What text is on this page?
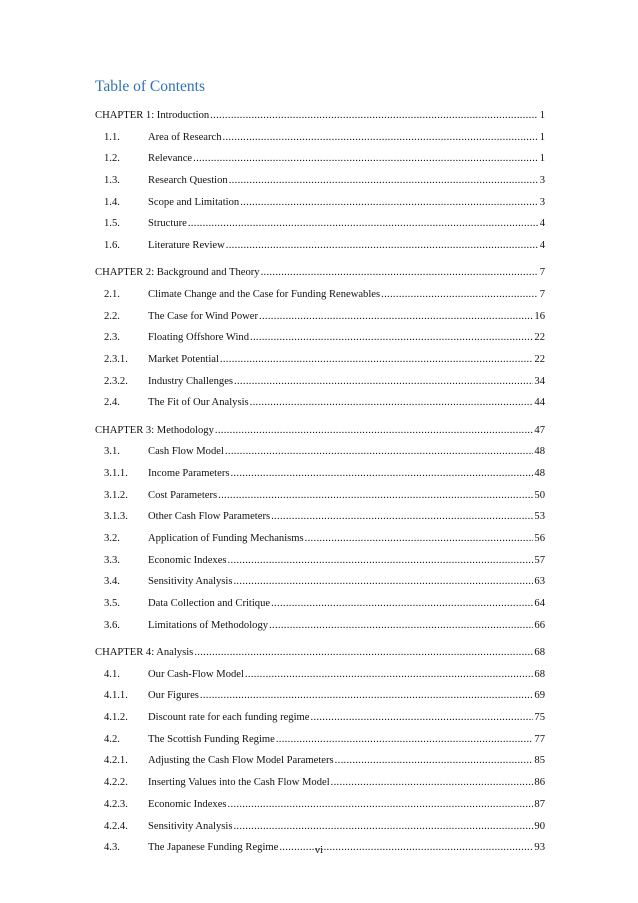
Table of Contents
CHAPTER 1: Introduction .....	1
1.1.	Area of Research .....	1
1.2.	Relevance .....	1
1.3.	Research Question .....	3
1.4.	Scope and Limitation .....	3
1.5.	Structure .....	4
1.6.	Literature Review .....	4
CHAPTER 2: Background and Theory .....	7
2.1.	Climate Change and the Case for Funding Renewables .....	7
2.2.	The Case for Wind Power .....	16
2.3.	Floating Offshore Wind .....	22
2.3.1.	Market Potential .....	22
2.3.2.	Industry Challenges .....	34
2.4.	The Fit of Our Analysis .....	44
CHAPTER 3: Methodology .....	47
3.1.	Cash Flow Model .....	48
3.1.1.	Income Parameters .....	48
3.1.2.	Cost Parameters .....	50
3.1.3.	Other Cash Flow Parameters .....	53
3.2.	Application of Funding Mechanisms .....	56
3.3.	Economic Indexes .....	57
3.4.	Sensitivity Analysis .....	63
3.5.	Data Collection and Critique .....	64
3.6.	Limitations of Methodology .....	66
CHAPTER 4: Analysis .....	68
4.1.	Our Cash-Flow Model .....	68
4.1.1.	Our Figures .....	69
4.1.2.	Discount rate for each funding regime .....	75
4.2.	The Scottish Funding Regime .....	77
4.2.1.	Adjusting the Cash Flow Model Parameters .....	85
4.2.2.	Inserting Values into the Cash Flow Model .....	86
4.2.3.	Economic Indexes .....	87
4.2.4.	Sensitivity Analysis .....	90
4.3.	The Japanese Funding Regime .....	93
vi
